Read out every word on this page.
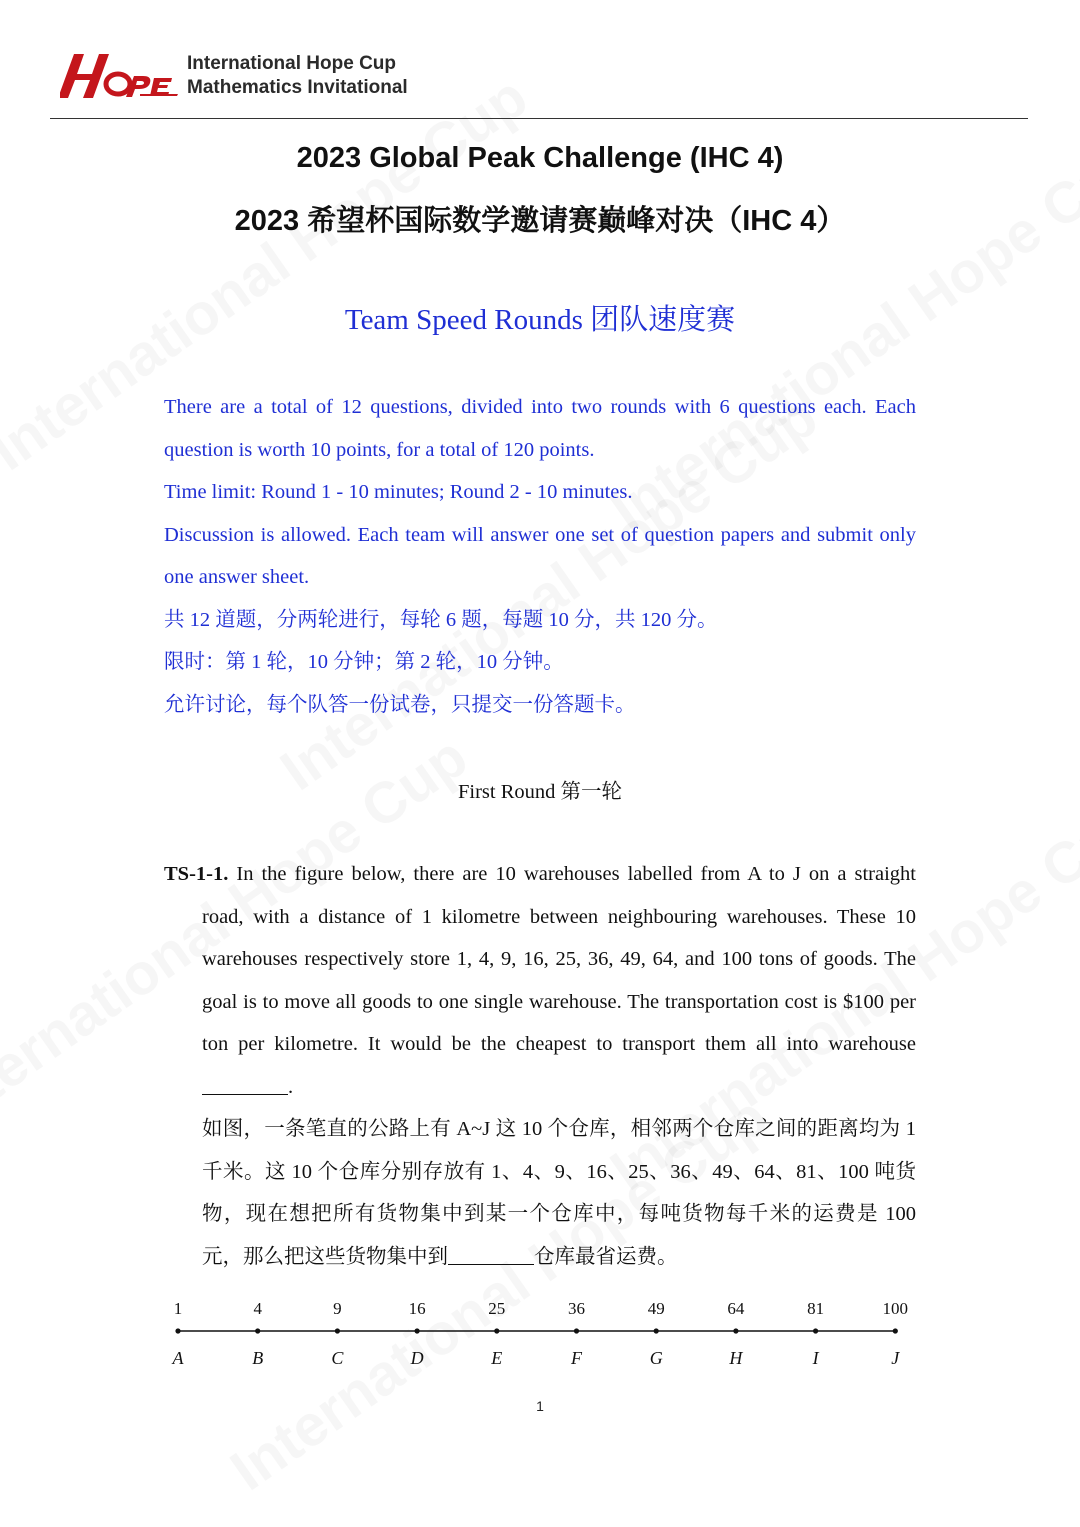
International Hope Cup
Mathematics Invitational
2023 Global Peak Challenge (IHC 4)
2023 希望杯国际数学邀请赛巅峰对决（IHC 4）
Team Speed Rounds 团队速度赛

There are a total of 12 questions, divided into two rounds with 6 questions each. Each question is worth 10 points, for a total of 120 points.

Time limit: Round 1 - 10 minutes; Round 2 - 10 minutes.

Discussion is allowed. Each team will answer one set of question papers and submit only one answer sheet.

共 12 道题，分两轮进行，每轮 6 题，每题 10 分，共 120 分。

限时：第 1 轮，10 分钟；第 2 轮，10 分钟。

允许讨论，每个队答一份试卷，只提交一份答题卡。

First Round 第一轮

TS-1-1. In the figure below, there are 10 warehouses labelled from A to J on a straight road, with a distance of 1 kilometre between neighbouring warehouses. These 10 warehouses respectively store 1, 4, 9, 16, 25, 36, 49, 64, and 100 tons of goods. The goal is to move all goods to one single warehouse. The transportation cost is $100 per ton per kilometre. It would be the cheapest to transport them all into warehouse .

如图，一条笔直的公路上有 A~J 这 10 个仓库，相邻两个仓库之间的距离均为 1 千米。这 10 个仓库分别存放有 1、4、9、16、25、36、49、64、81、100 吨货物，现在想把所有货物集中到某一个仓库中，每吨货物每千米的运费是 100 元，那么把这些货物集中到	仓库最省运费。

1
A
4
B
9
C
16
D
25
E
36
F
49
G
64
H
81
I
100
J
1
